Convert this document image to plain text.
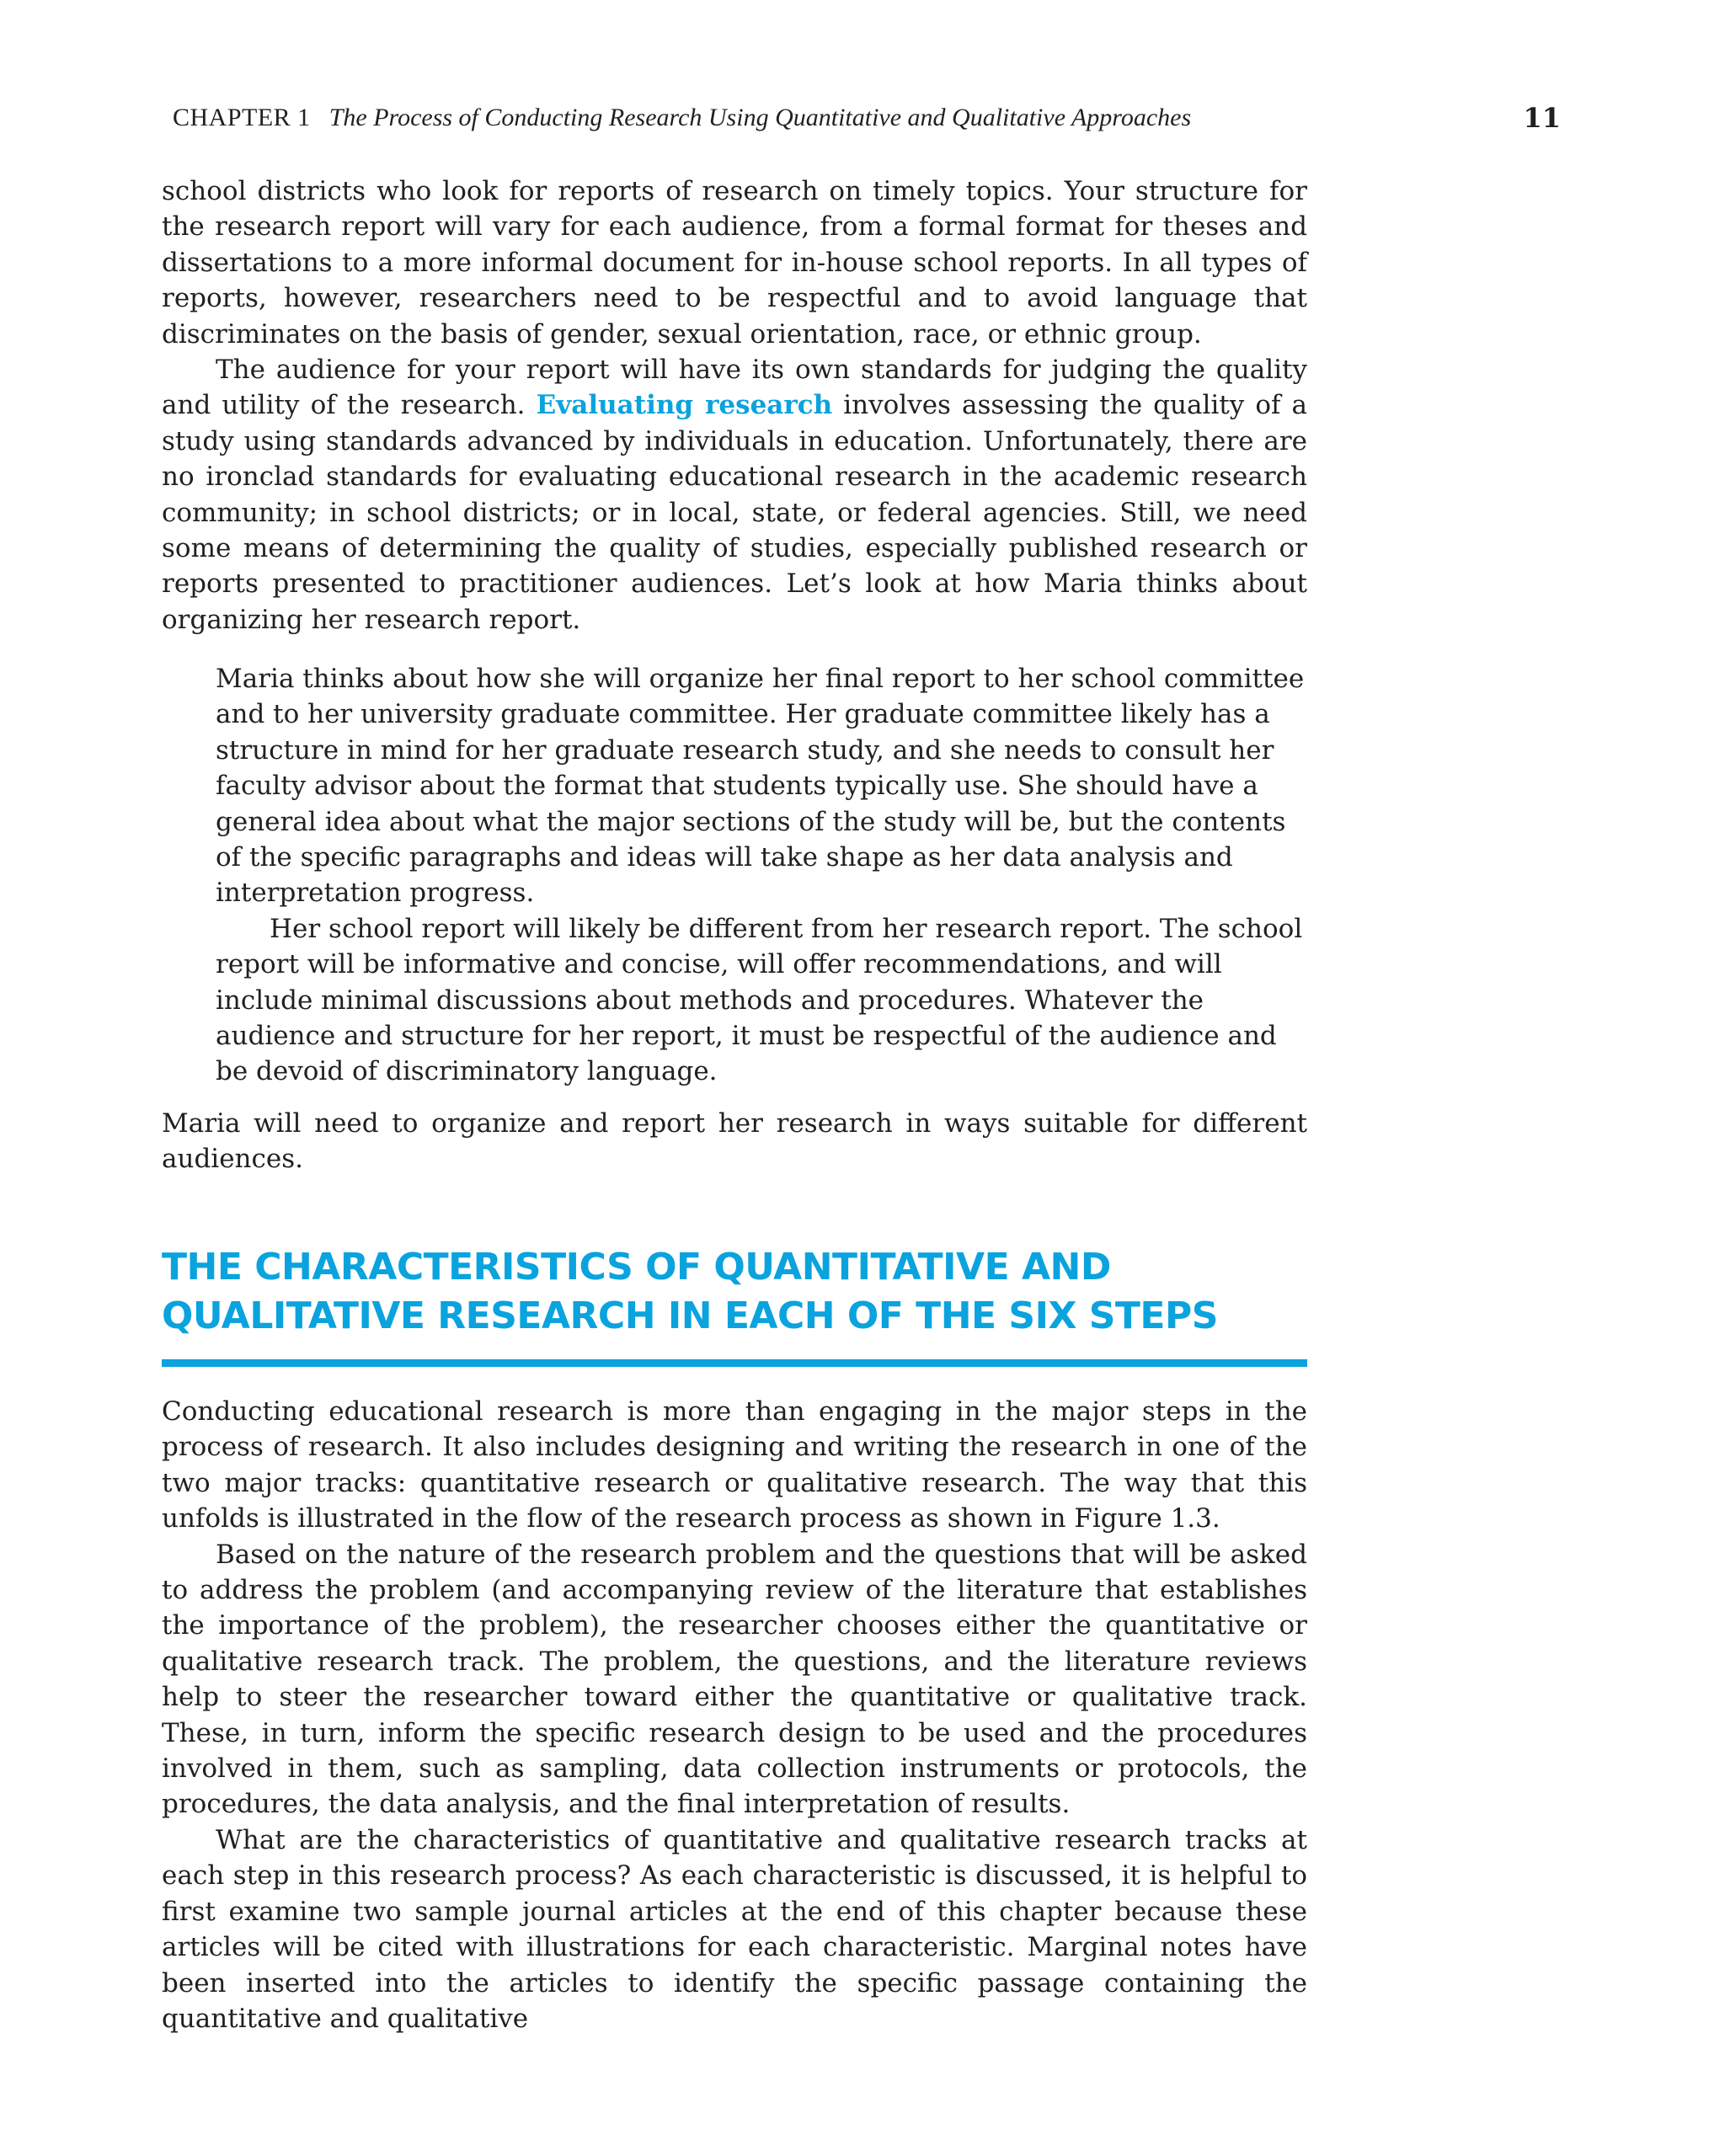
CHAPTER 1 The Process of Conducting Research Using Quantitative and Qualitative Approaches	11

school districts who look for reports of research on timely topics. Your structure for the research report will vary for each audience, from a formal format for theses and dissertations to a more informal document for in-house school reports. In all types of reports, however, researchers need to be respectful and to avoid language that discriminates on the basis of gender, sexual orientation, race, or ethnic group.

The audience for your report will have its own standards for judging the quality and utility of the research. Evaluating research involves assessing the quality of a study using standards advanced by individuals in education. Unfortunately, there are no ironclad standards for evaluating educational research in the academic research community; in school districts; or in local, state, or federal agencies. Still, we need some means of determining the quality of studies, especially published research or reports presented to practitioner audiences. Let’s look at how Maria thinks about organizing her research report.

Maria thinks about how she will organize her final report to her school committee and to her university graduate committee. Her graduate committee likely has a structure in mind for her graduate research study, and she needs to consult her faculty advisor about the format that students typically use. She should have a general idea about what the major sections of the study will be, but the contents of the specific paragraphs and ideas will take shape as her data analysis and interpretation progress.

Her school report will likely be different from her research report. The school report will be informative and concise, will offer recommendations, and will include minimal discussions about methods and procedures. Whatever the audience and structure for her report, it must be respectful of the audience and be devoid of discriminatory language.

Maria will need to organize and report her research in ways suitable for different audiences.

THE CHARACTERISTICS OF QUANTITATIVE AND
QUALITATIVE RESEARCH IN EACH OF THE SIX STEPS

Conducting educational research is more than engaging in the major steps in the process of research. It also includes designing and writing the research in one of the two major tracks: quantitative research or qualitative research. The way that this unfolds is illustrated in the flow of the research process as shown in Figure 1.3.

Based on the nature of the research problem and the questions that will be asked to address the problem (and accompanying review of the literature that establishes the importance of the problem), the researcher chooses either the quantitative or qualitative research track. The problem, the questions, and the literature reviews help to steer the researcher toward either the quantitative or qualitative track. These, in turn, inform the specific research design to be used and the procedures involved in them, such as sampling, data collection instruments or protocols, the procedures, the data analysis, and the final interpretation of results.

What are the characteristics of quantitative and qualitative research tracks at each step in this research process? As each characteristic is discussed, it is helpful to first examine two sample journal articles at the end of this chapter because these articles will be cited with illustrations for each characteristic. Marginal notes have been inserted into the articles to identify the specific passage containing the quantitative and qualitative
